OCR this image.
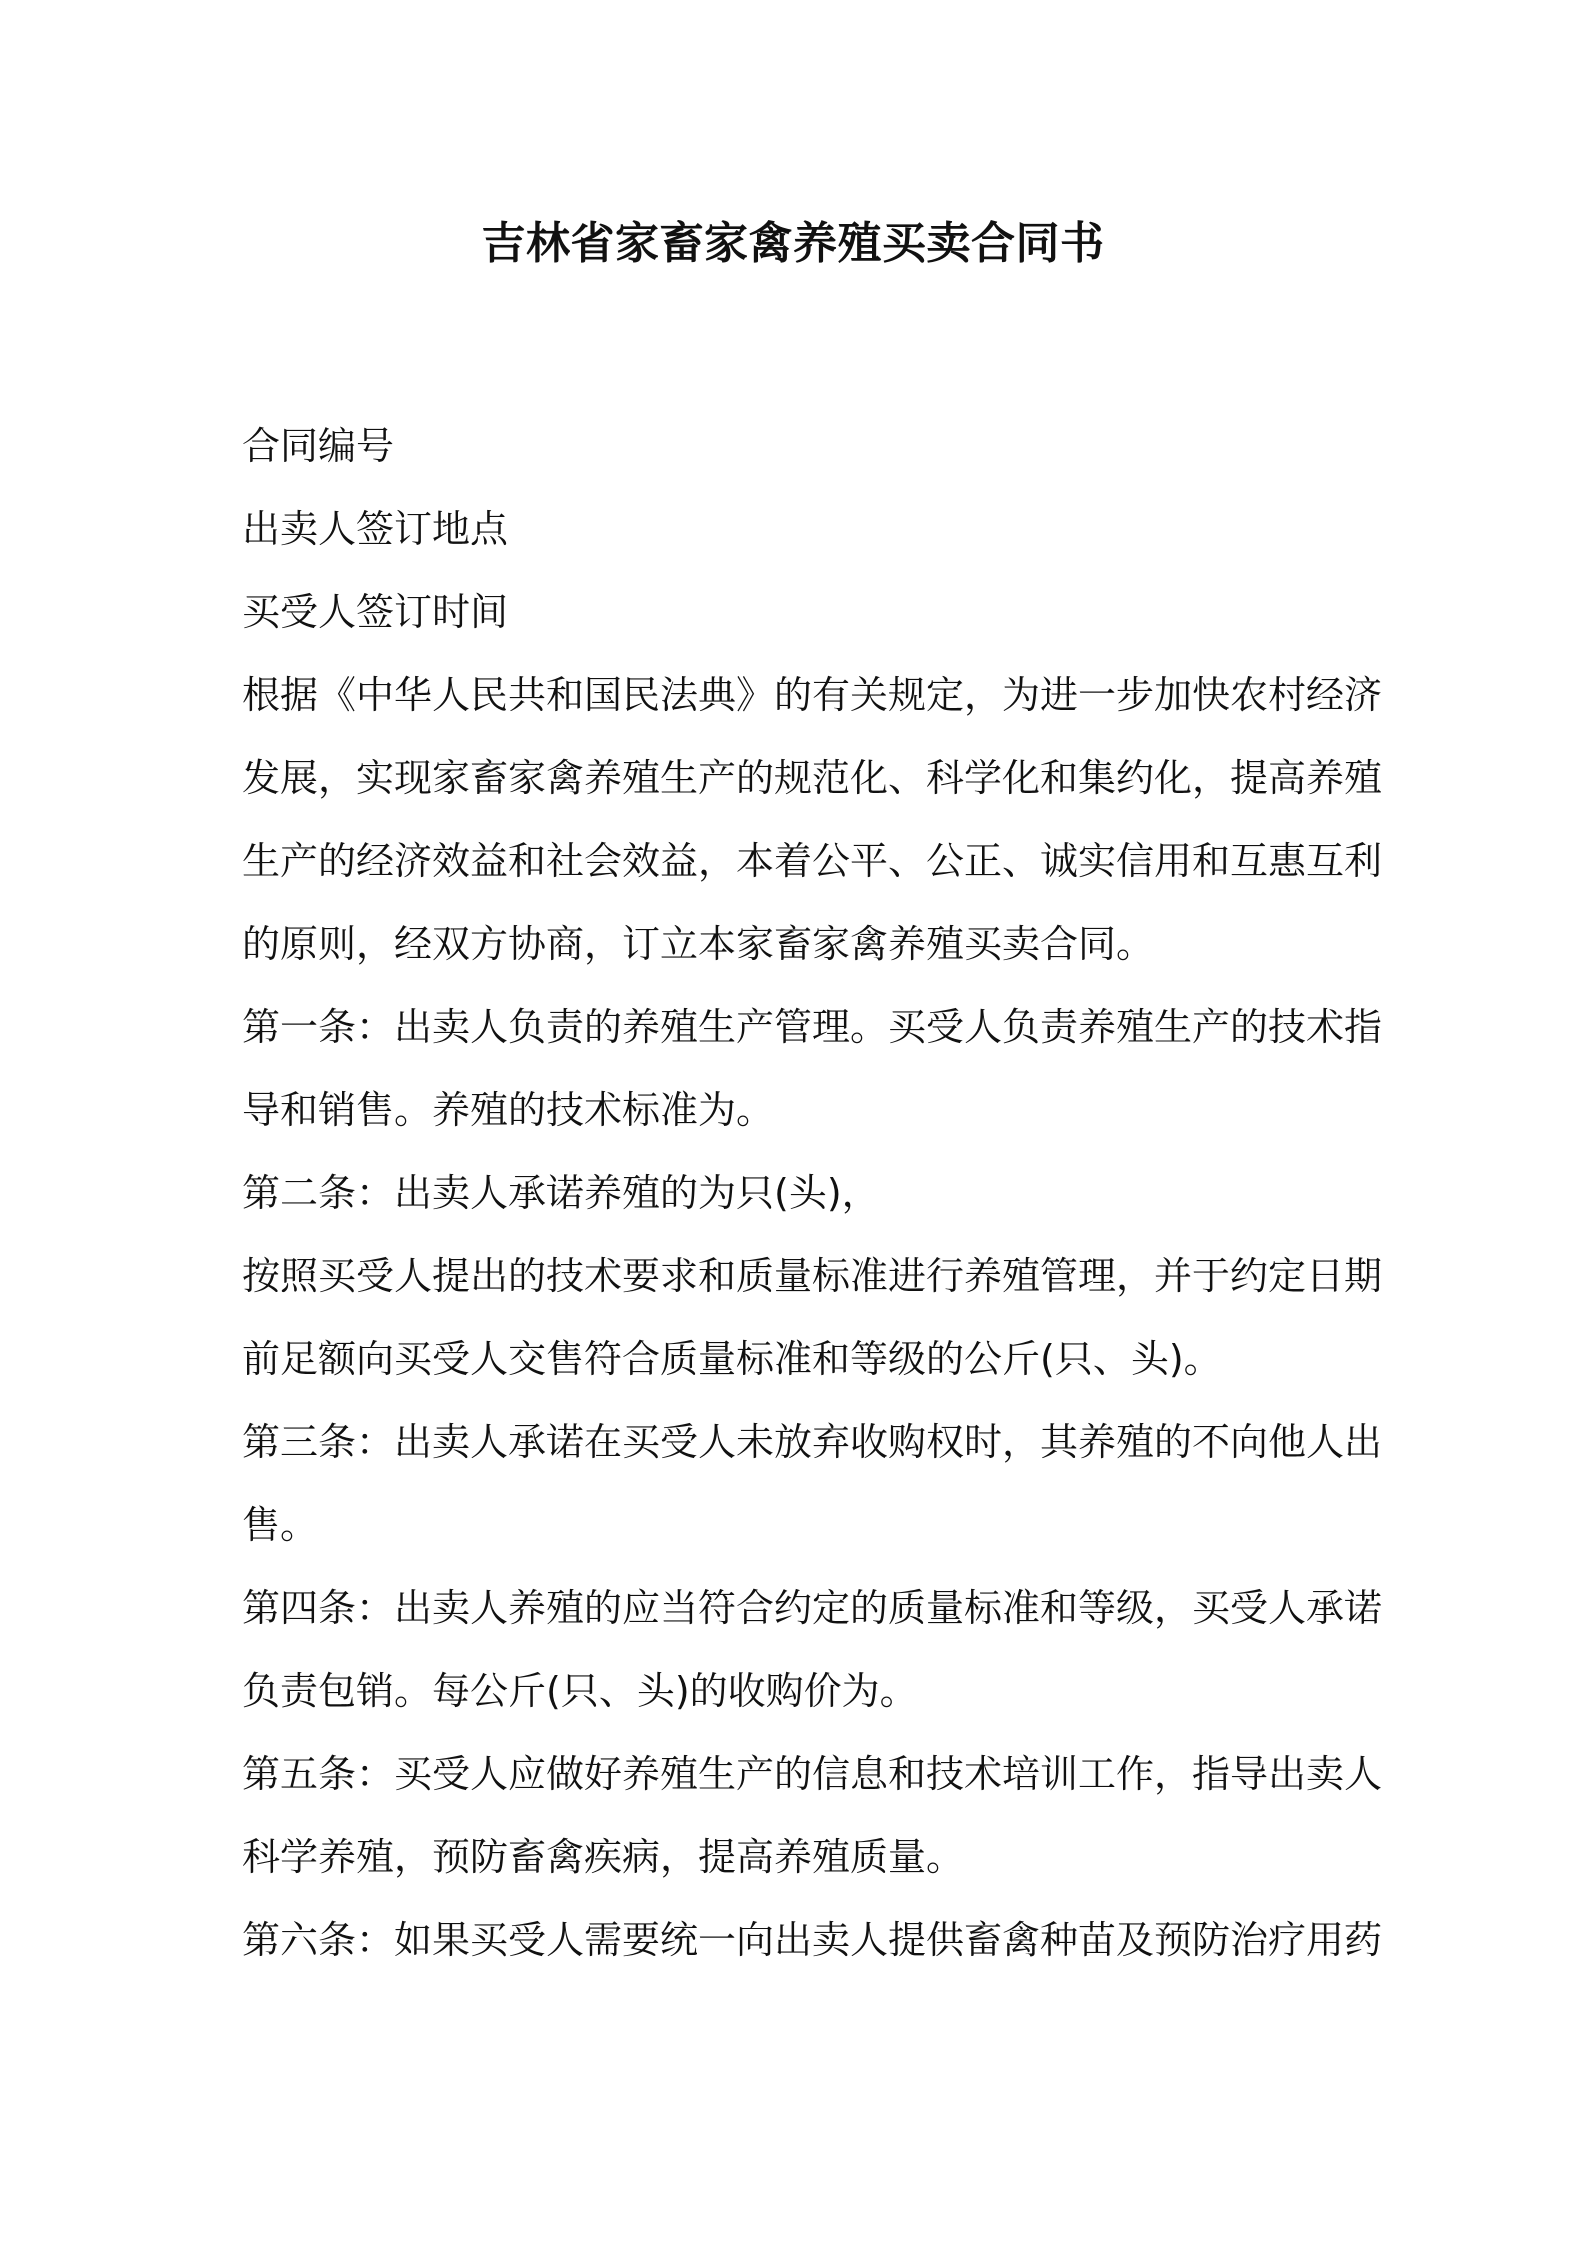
吉林省家畜家禽养殖买卖合同书
合同编号
出卖人签订地点
买受人签订时间
根据《中华人民共和国民法典》的有关规定，为进一步加快农村经济
发展，实现家畜家禽养殖生产的规范化、科学化和集约化，提高养殖
生产的经济效益和社会效益，本着公平、公正、诚实信用和互惠互利
的原则，经双方协商，订立本家畜家禽养殖买卖合同。
第一条：出卖人负责的养殖生产管理。买受人负责养殖生产的技术指
导和销售。养殖的技术标准为。
第二条：出卖人承诺养殖的为只(头)，
按照买受人提出的技术要求和质量标准进行养殖管理，并于约定日期
前足额向买受人交售符合质量标准和等级的公斤(只、头)。
第三条：出卖人承诺在买受人未放弃收购权时，其养殖的不向他人出
售。
第四条：出卖人养殖的应当符合约定的质量标准和等级，买受人承诺
负责包销。每公斤(只、头)的收购价为。
第五条：买受人应做好养殖生产的信息和技术培训工作，指导出卖人
科学养殖，预防畜禽疾病，提高养殖质量。
第六条：如果买受人需要统一向出卖人提供畜禽种苗及预防治疗用药
